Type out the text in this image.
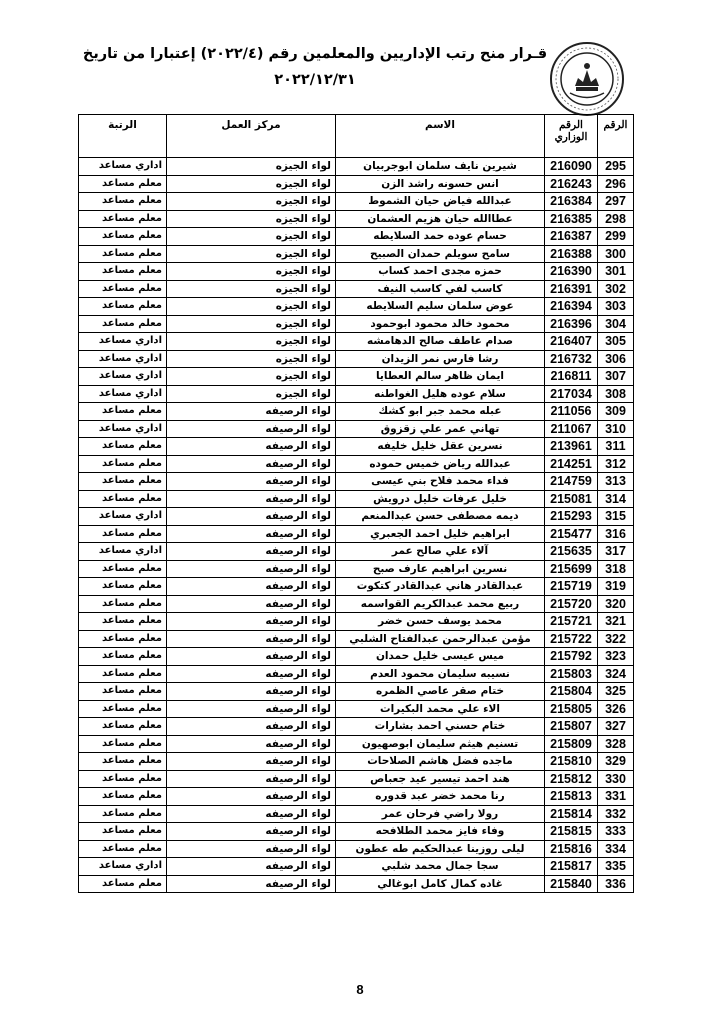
قـرار منح رتب الإداريين والمعلمين رقم (٢٠٢٢/٤) إعتبارا من تاريخ
٢٠٢٢/١٢/٣١
الرقم	الرقم الوزاري	الاسم	مركز العمل	الرتبة
295	216090	شيرين نايف سلمان ابوجربيان	لواء الجيزه	اداري مساعد
296	216243	انس حسونه راشد الزن	لواء الجيزه	معلم مساعد
297	216384	عبدالله فياض حيان الشموط	لواء الجيزه	معلم مساعد
298	216385	عطاالله حيان هزيم العشمان	لواء الجيزه	معلم مساعد
299	216387	حسام عوده حمد السلايطه	لواء الجيزه	معلم مساعد
300	216388	سامح سويلم حمدان الصبيح	لواء الجيزه	معلم مساعد
301	216390	حمزه مجدى احمد كساب	لواء الجيزه	معلم مساعد
302	216391	كاسب لفي كاسب النيف	لواء الجيزه	معلم مساعد
303	216394	عوض سلمان سليم السلايطه	لواء الجيزه	معلم مساعد
304	216396	محمود خالد محمود ابوحمود	لواء الجيزه	معلم مساعد
305	216407	صدام عاطف صالح الدهامشه	لواء الجيزه	اداري مساعد
306	216732	رشا فارس نمر الزيدان	لواء الجيزه	اداري مساعد
307	216811	ايمان ظاهر سالم العطايا	لواء الجيزه	اداري مساعد
308	217034	سلام عوده هليل الغواطنه	لواء الجيزه	اداري مساعد
309	211056	عبله محمد جبر ابو كشك	لواء الرصيفه	معلم مساعد
310	211067	تهاني عمر علي زقزوق	لواء الرصيفه	اداري مساعد
311	213961	نسرين عقل خليل خليفه	لواء الرصيفه	معلم مساعد
312	214251	عبدالله رياض خميس حموده	لواء الرصيفه	معلم مساعد
313	214759	فداء محمد فلاح بني عيسى	لواء الرصيفه	معلم مساعد
314	215081	خليل عرفات خليل درويش	لواء الرصيفه	معلم مساعد
315	215293	ديمه مصطفى حسن عبدالمنعم	لواء الرصيفه	اداري مساعد
316	215477	ابراهيم خليل احمد الجعبري	لواء الرصيفه	معلم مساعد
317	215635	آلاء علي صالح عمر	لواء الرصيفه	اداري مساعد
318	215699	نسرين ابراهيم عارف صبح	لواء الرصيفه	معلم مساعد
319	215719	عبدالقادر هاني عبدالقادر كتكوت	لواء الرصيفه	معلم مساعد
320	215720	ربيع محمد عبدالكريم القواسمه	لواء الرصيفه	معلم مساعد
321	215721	محمد يوسف حسن خضر	لواء الرصيفه	معلم مساعد
322	215722	مؤمن عبدالرحمن عبدالفتاح الشلبي	لواء الرصيفه	معلم مساعد
323	215792	ميس عيسى خليل حمدان	لواء الرصيفه	معلم مساعد
324	215803	نسيبه سليمان محمود العدم	لواء الرصيفه	معلم مساعد
325	215804	ختام صقر عاصي الظمره	لواء الرصيفه	معلم مساعد
326	215805	الاء علي محمد البكيرات	لواء الرصيفه	معلم مساعد
327	215807	ختام حسني احمد بشارات	لواء الرصيفه	معلم مساعد
328	215809	تسنيم هيثم سليمان ابوصهيون	لواء الرصيفه	معلم مساعد
329	215810	ماجده فضل هاشم الصلاحات	لواء الرصيفه	معلم مساعد
330	215812	هند احمد تيسير عيد جعباص	لواء الرصيفه	معلم مساعد
331	215813	رنا محمد خضر عبد قدوره	لواء الرصيفه	معلم مساعد
332	215814	رولا راضي فرحان عمر	لواء الرصيفه	معلم مساعد
333	215815	وفاء فايز محمد الطلافحه	لواء الرصيفه	معلم مساعد
334	215816	ليلى روزينا عبدالحكيم طه عطون	لواء الرصيفه	معلم مساعد
335	215817	سجا جمال محمد شلبي	لواء الرصيفه	اداري مساعد
336	215840	غاده كمال كامل ابوغالي	لواء الرصيفه	معلم مساعد
8
